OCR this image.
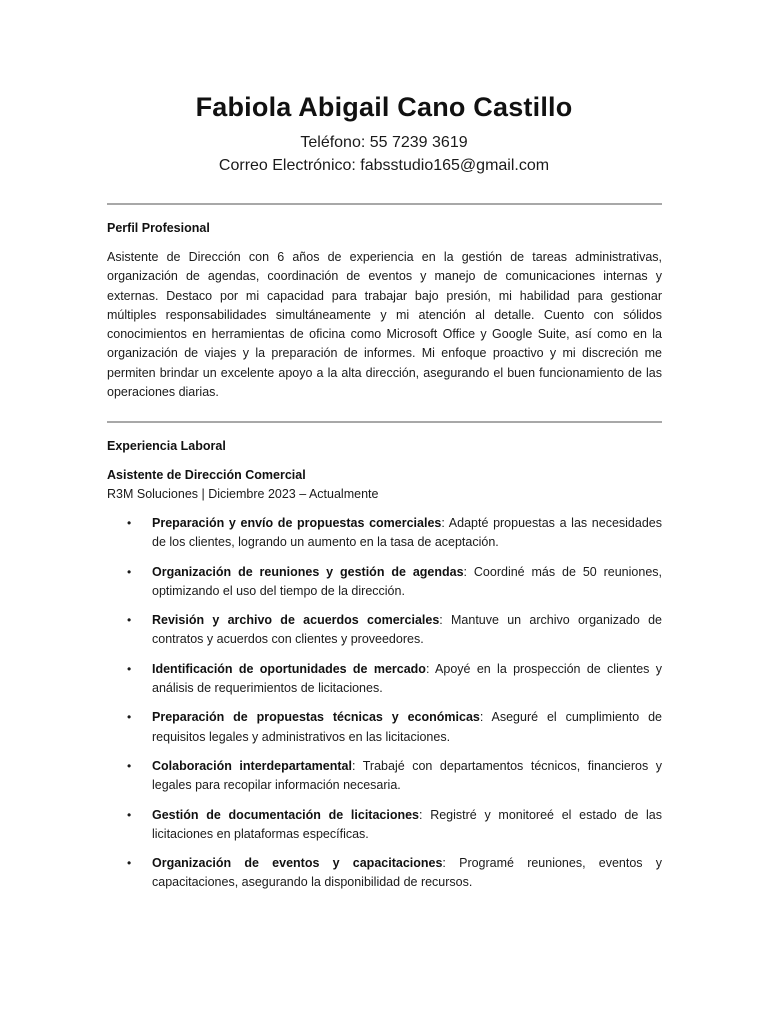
Fabiola Abigail Cano Castillo
Teléfono: 55 7239 3619
Correo Electrónico: fabsstudio165@gmail.com
Perfil Profesional

Asistente de Dirección con 6 años de experiencia en la gestión de tareas administrativas, organización de agendas, coordinación de eventos y manejo de comunicaciones internas y externas. Destaco por mi capacidad para trabajar bajo presión, mi habilidad para gestionar múltiples responsabilidades simultáneamente y mi atención al detalle. Cuento con sólidos conocimientos en herramientas de oficina como Microsoft Office y Google Suite, así como en la organización de viajes y la preparación de informes. Mi enfoque proactivo y mi discreción me permiten brindar un excelente apoyo a la alta dirección, asegurando el buen funcionamiento de las operaciones diarias.

Experiencia Laboral
Asistente de Dirección Comercial
R3M Soluciones | Diciembre 2023 – Actualmente
• Preparación y envío de propuestas comerciales: Adapté propuestas a las necesidades de los clientes, logrando un aumento en la tasa de aceptación.
• Organización de reuniones y gestión de agendas: Coordiné más de 50 reuniones, optimizando el uso del tiempo de la dirección.
• Revisión y archivo de acuerdos comerciales: Mantuve un archivo organizado de contratos y acuerdos con clientes y proveedores.
• Identificación de oportunidades de mercado: Apoyé en la prospección de clientes y análisis de requerimientos de licitaciones.
• Preparación de propuestas técnicas y económicas: Aseguré el cumplimiento de requisitos legales y administrativos en las licitaciones.
• Colaboración interdepartamental: Trabajé con departamentos técnicos, financieros y legales para recopilar información necesaria.
• Gestión de documentación de licitaciones: Registré y monitoreé el estado de las licitaciones en plataformas específicas.
• Organización de eventos y capacitaciones: Programé reuniones, eventos y capacitaciones, asegurando la disponibilidad de recursos.
